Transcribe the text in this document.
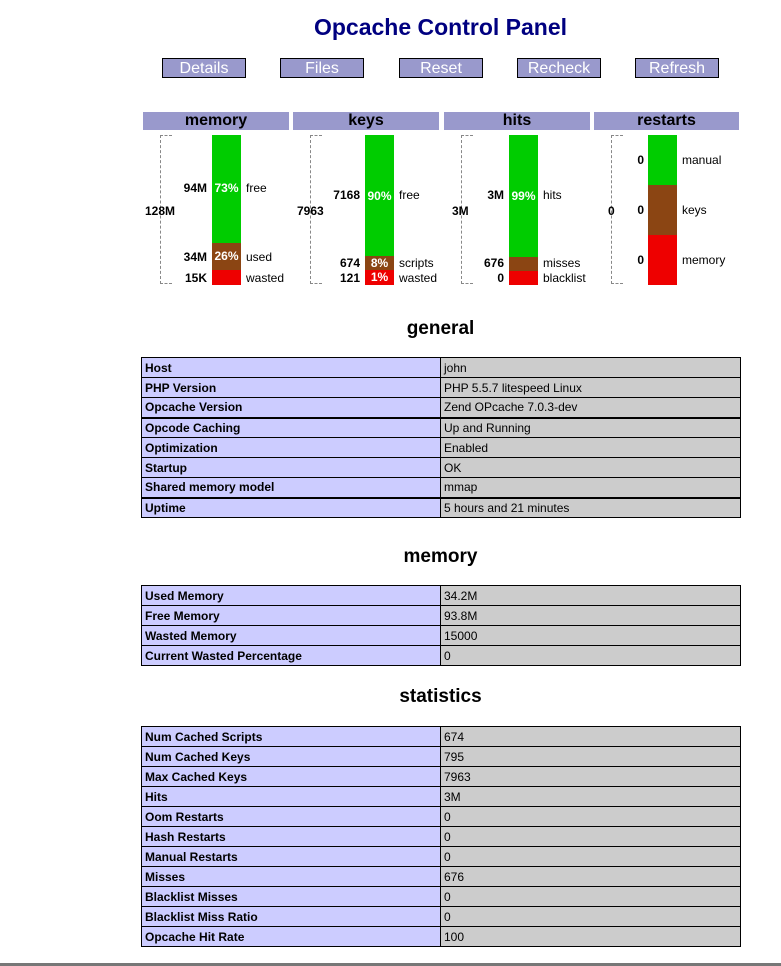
Opcache Control Panel
Details	Files	Reset	Recheck	Refresh
memory
128M
73%
26%
94M	free
34M	used
15K	wasted
keys
7963
90%
8%
1%
7168	free
674	scripts
121	wasted
hits
3M
99%
3M	hits
676	misses
0	blacklist
restarts
0
0	manual
0	keys
0	memory
general
Host	john
PHP Version	PHP 5.5.7 litespeed Linux
Opcache Version	Zend OPcache 7.0.3-dev
Opcode Caching	Up and Running
Optimization	Enabled
Startup	OK
Shared memory model	mmap
Uptime	5 hours and 21 minutes
memory
Used Memory	34.2M
Free Memory	93.8M
Wasted Memory	15000
Current Wasted Percentage	0
statistics
Num Cached Scripts	674
Num Cached Keys	795
Max Cached Keys	7963
Hits	3M
Oom Restarts	0
Hash Restarts	0
Manual Restarts	0
Misses	676
Blacklist Misses	0
Blacklist Miss Ratio	0
Opcache Hit Rate	100
